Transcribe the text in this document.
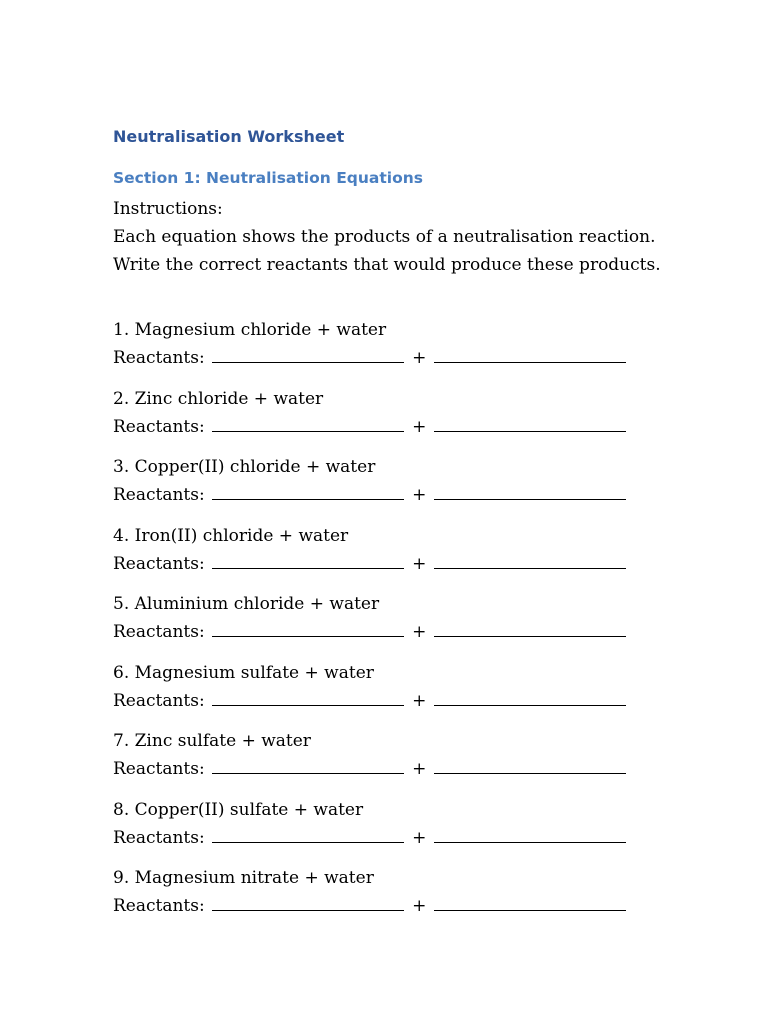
Neutralisation Worksheet
Section 1: Neutralisation Equations

Instructions:

Each equation shows the products of a neutralisation reaction.

Write the correct reactants that would produce these products.

1. Magnesium chloride + water

Reactants:	+

2. Zinc chloride + water

Reactants:	+

3. Copper(II) chloride + water

Reactants:	+

4. Iron(II) chloride + water

Reactants:	+

5. Aluminium chloride + water

Reactants:	+

6. Magnesium sulfate + water

Reactants:	+

7. Zinc sulfate + water

Reactants:	+

8. Copper(II) sulfate + water

Reactants:	+

9. Magnesium nitrate + water

Reactants:	+
